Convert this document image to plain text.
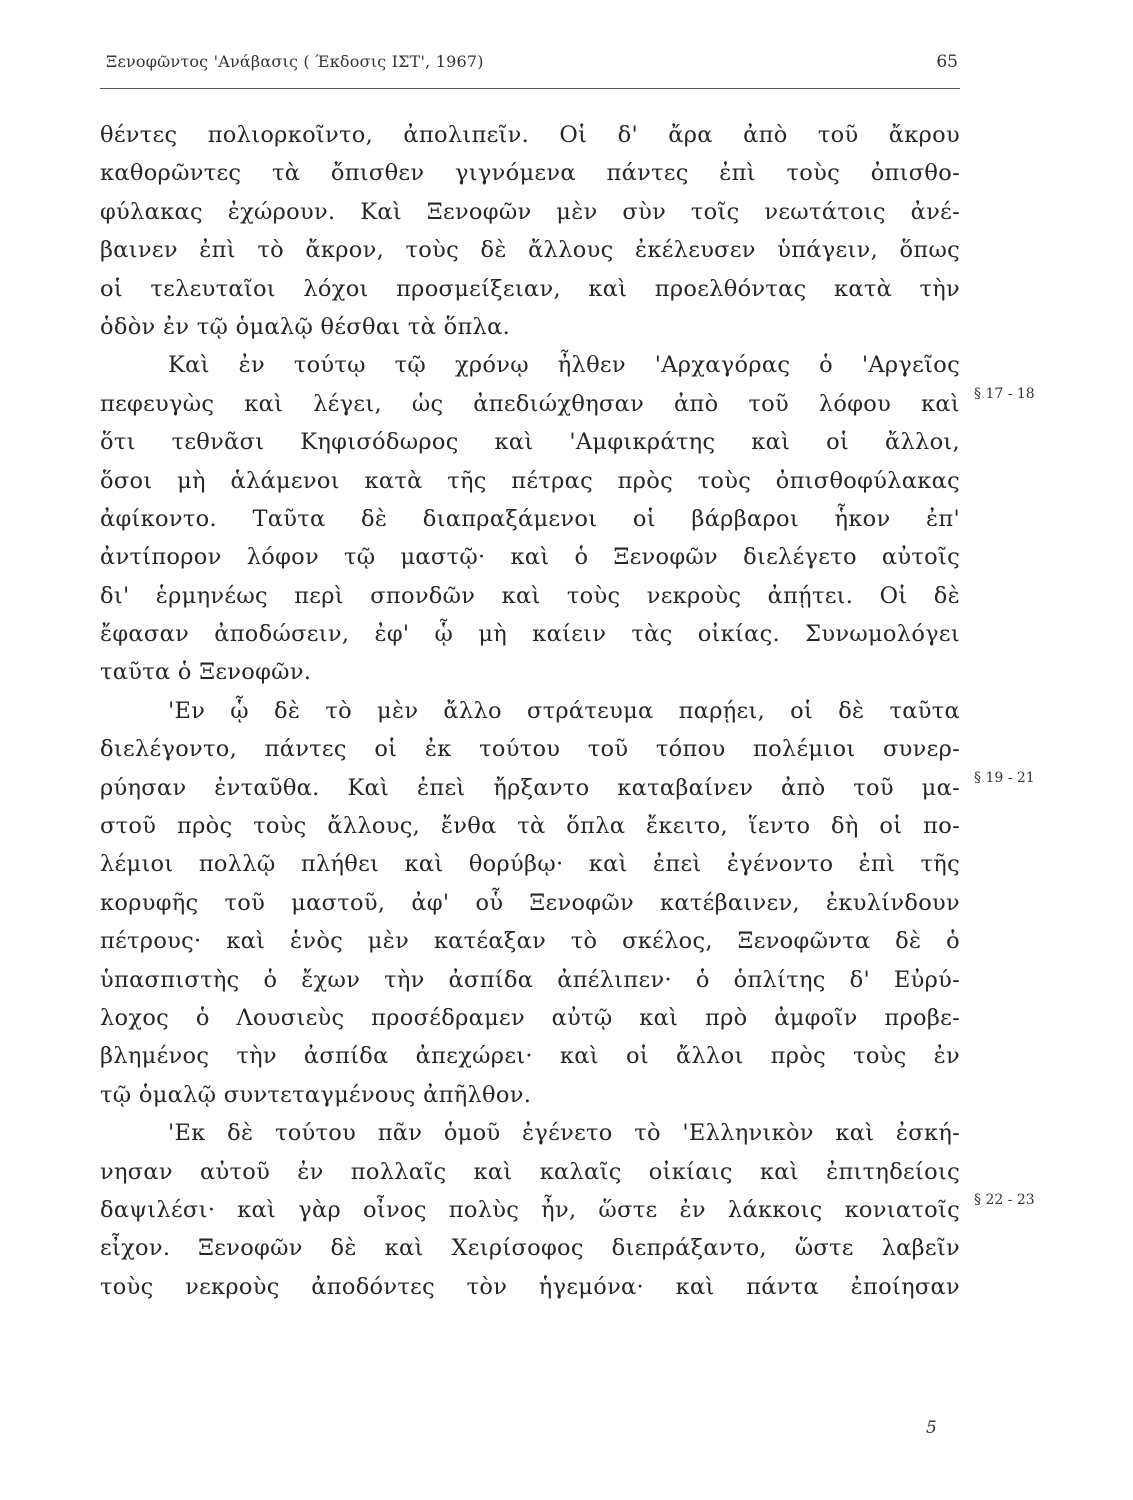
Ξενοφῶντος 'Ανάβασις ( Έκδοσις ΙΣΤ', 1967)	65
θέντες πολιορκοῖντο, ἀπολιπεῖν. Οἱ δ' ἄρα ἀπὸ τοῦ ἄκρου
καθορῶντες τὰ ὄπισθεν γιγνόμενα πάντες ἐπὶ τοὺς ὀπισθο-
φύλακας ἐχώρουν. Καὶ Ξενοφῶν μὲν σὺν τοῖς νεωτάτοις ἀνέ-
βαινεν ἐπὶ τὸ ἄκρον, τοὺς δὲ ἄλλους ἐκέλευσεν ὑπάγειν, ὅπως
οἱ τελευταῖοι λόχοι προσμείξειαν, καὶ προελθόντας κατὰ τὴν
ὁδὸν ἐν τῷ ὁμαλῷ θέσθαι τὰ ὅπλα.
Καὶ ἐν τούτῳ τῷ χρόνῳ ἦλθεν 'Αρχαγόρας ὁ 'Αργεῖος
πεφευγὼς καὶ λέγει, ὡς ἀπεδιώχθησαν ἀπὸ τοῦ λόφου καὶ
ὅτι τεθνᾶσι Κηφισόδωρος καὶ 'Αμφικράτης καὶ οἱ ἄλλοι,
ὅσοι μὴ ἁλάμενοι κατὰ τῆς πέτρας πρὸς τοὺς ὀπισθοφύλακας
ἀφίκοντο. Ταῦτα δὲ διαπραξάμενοι οἱ βάρβαροι ἧκον ἐπ'
ἀντίπορον λόφον τῷ μαστῷ· καὶ ὁ Ξενοφῶν διελέγετο αὐτοῖς
δι' ἑρμηνέως περὶ σπονδῶν καὶ τοὺς νεκροὺς ἀπῄτει. Οἱ δὲ
ἔφασαν ἀποδώσειν, ἐφ' ᾧ μὴ καίειν τὰς οἰκίας. Συνωμολόγει
ταῦτα ὁ Ξενοφῶν.
'Εν ᾧ δὲ τὸ μὲν ἄλλο στράτευμα παρῄει, οἱ δὲ ταῦτα
διελέγοντο, πάντες οἱ ἐκ τούτου τοῦ τόπου πολέμιοι συνερ-
ρύησαν ἐνταῦθα. Καὶ ἐπεὶ ἤρξαντο καταβαίνεν ἀπὸ τοῦ μα-
στοῦ πρὸς τοὺς ἄλλους, ἔνθα τὰ ὅπλα ἔκειτο, ἵεντο δὴ οἱ πο-
λέμιοι πολλῷ πλήθει καὶ θορύβῳ· καὶ ἐπεὶ ἐγένοντο ἐπὶ τῆς
κορυφῆς τοῦ μαστοῦ, ἀφ' οὗ Ξενοφῶν κατέβαινεν, ἐκυλίνδουν
πέτρους· καὶ ἑνὸς μὲν κατέαξαν τὸ σκέλος, Ξενοφῶντα δὲ ὁ
ὑπασπιστὴς ὁ ἔχων τὴν ἀσπίδα ἀπέλιπεν· ὁ ὁπλίτης δ' Εὐρύ-
λοχος ὁ Λουσιεὺς προσέδραμεν αὐτῷ καὶ πρὸ ἀμφοῖν προβε-
βλημένος τὴν ἀσπίδα ἀπεχώρει· καὶ οἱ ἄλλοι πρὸς τοὺς ἐν
τῷ ὁμαλῷ συντεταγμένους ἀπῆλθον.
'Εκ δὲ τούτου πᾶν ὁμοῦ ἐγένετο τὸ 'Ελληνικὸν καὶ ἐσκή-
νησαν αὐτοῦ ἐν πολλαῖς καὶ καλαῖς οἰκίαις καὶ ἐπιτηδείοις
δαψιλέσι· καὶ γὰρ οἶνος πολὺς ἦν, ὥστε ἐν λάκκοις κονιατοῖς
εἶχον. Ξενοφῶν δὲ καὶ Χειρίσοφος διεπράξαντο, ὥστε λαβεῖν
τοὺς νεκροὺς ἀποδόντες τὸν ἡγεμόνα· καὶ πάντα ἐποίησαν
§ 17 - 18
§ 19 - 21
§ 22 - 23
5
